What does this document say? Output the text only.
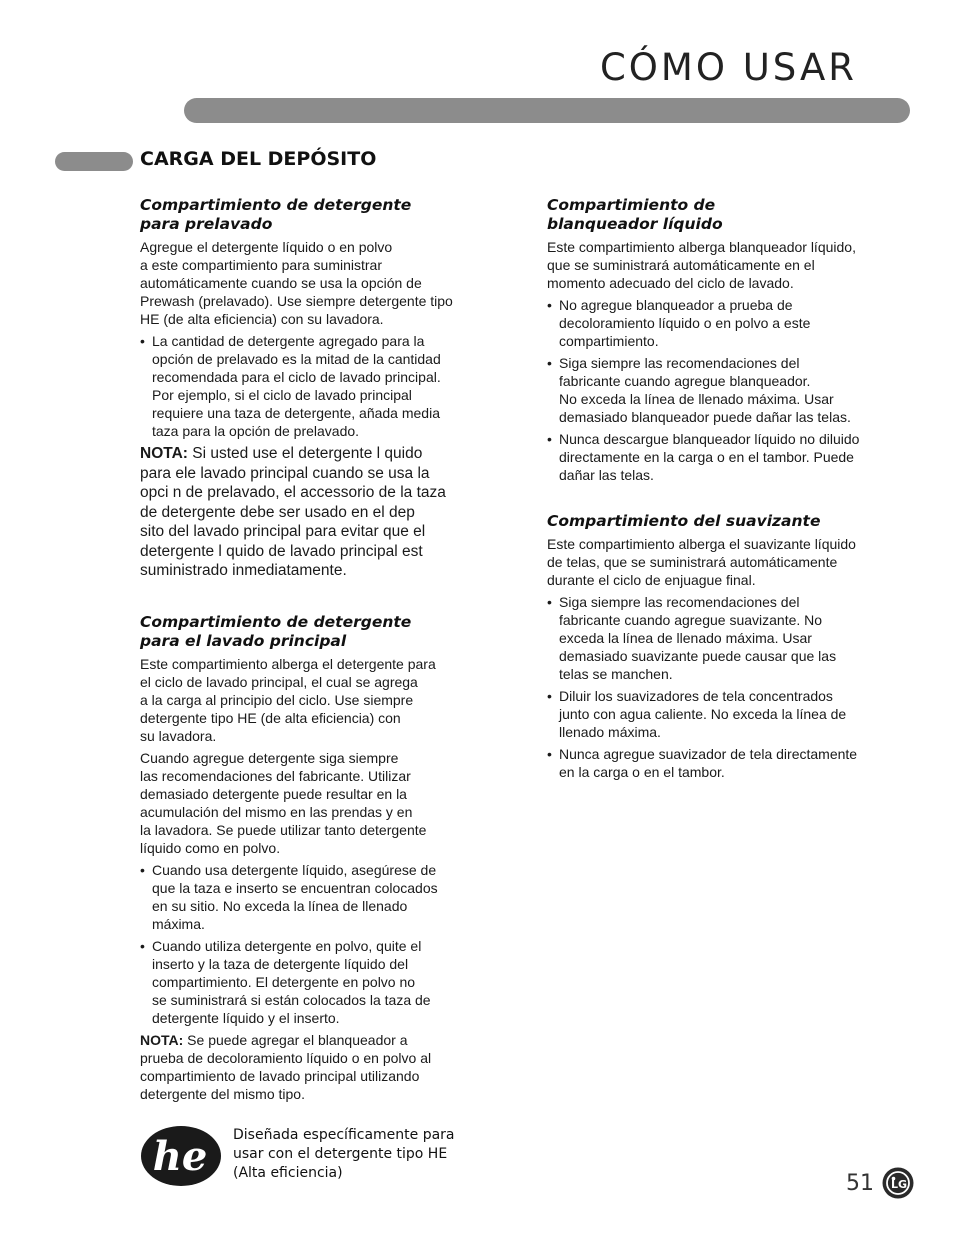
CÓMO USAR
CARGA DEL DEPÓSITO
Compartimiento de detergente
para prelavado

Agregue el detergente líquido o en polvo
a este compartimiento para suministrar
automáticamente cuando se usa la opción de
Prewash (prelavado). Use siempre detergente tipo
HE (de alta eficiencia) con su lavadora.

• La cantidad de detergente agregado para la
opción de prelavado es la mitad de la cantidad
recomendada para el ciclo de lavado principal.
Por ejemplo, si el ciclo de lavado principal
requiere una taza de detergente, añada media
taza para la opción de prelavado.
NOTA: Si usted use el detergente l quido
para ele lavado principal cuando se usa la
opci n de prelavado, el accessorio de la taza
de detergente debe ser usado en el dep
sito del lavado principal para evitar que el
detergente l quido de lavado principal est
suministrado inmediatamente.
Compartimiento de detergente
para el lavado principal

Este compartimiento alberga el detergente para
el ciclo de lavado principal, el cual se agrega
a la carga al principio del ciclo. Use siempre
detergente tipo HE (de alta eficiencia) con
su lavadora.

Cuando agregue detergente siga siempre
las recomendaciones del fabricante. Utilizar
demasiado detergente puede resultar en la
acumulación del mismo en las prendas y en
la lavadora. Se puede utilizar tanto detergente
líquido como en polvo.

• Cuando usa detergente líquido, asegúrese de
que la taza e inserto se encuentran colocados
en su sitio. No exceda la línea de llenado
máxima.
• Cuando utiliza detergente en polvo, quite el
inserto y la taza de detergente líquido del
compartimiento. El detergente en polvo no
se suministrará si están colocados la taza de
detergente líquido y el inserto.
NOTA: Se puede agregar el blanqueador a
prueba de decoloramiento líquido o en polvo al
compartimiento de lavado principal utilizando
detergente del mismo tipo.
Compartimiento de
blanqueador líquido

Este compartimiento alberga blanqueador líquido,
que se suministrará automáticamente en el
momento adecuado del ciclo de lavado.

• No agregue blanqueador a prueba de
decoloramiento líquido o en polvo a este
compartimiento.
• Siga siempre las recomendaciones del
fabricante cuando agregue blanqueador.
No exceda la línea de llenado máxima. Usar
demasiado blanqueador puede dañar las telas.
• Nunca descargue blanqueador líquido no diluido
directamente en la carga o en el tambor. Puede
dañar las telas.
Compartimiento del suavizante

Este compartimiento alberga el suavizante líquido
de telas, que se suministrará automáticamente
durante el ciclo de enjuague final.

• Siga siempre las recomendaciones del
fabricante cuando agregue suavizante. No
exceda la línea de llenado máxima. Usar
demasiado suavizante puede causar que las
telas se manchen.
• Diluir los suavizadores de tela concentrados
junto con agua caliente. No exceda la línea de
llenado máxima.
• Nunca agregue suavizador de tela directamente
en la carga o en el tambor.
he Diseñada específicamente para
usar con el detergente tipo HE
(Alta eficiencia)	51 LG
